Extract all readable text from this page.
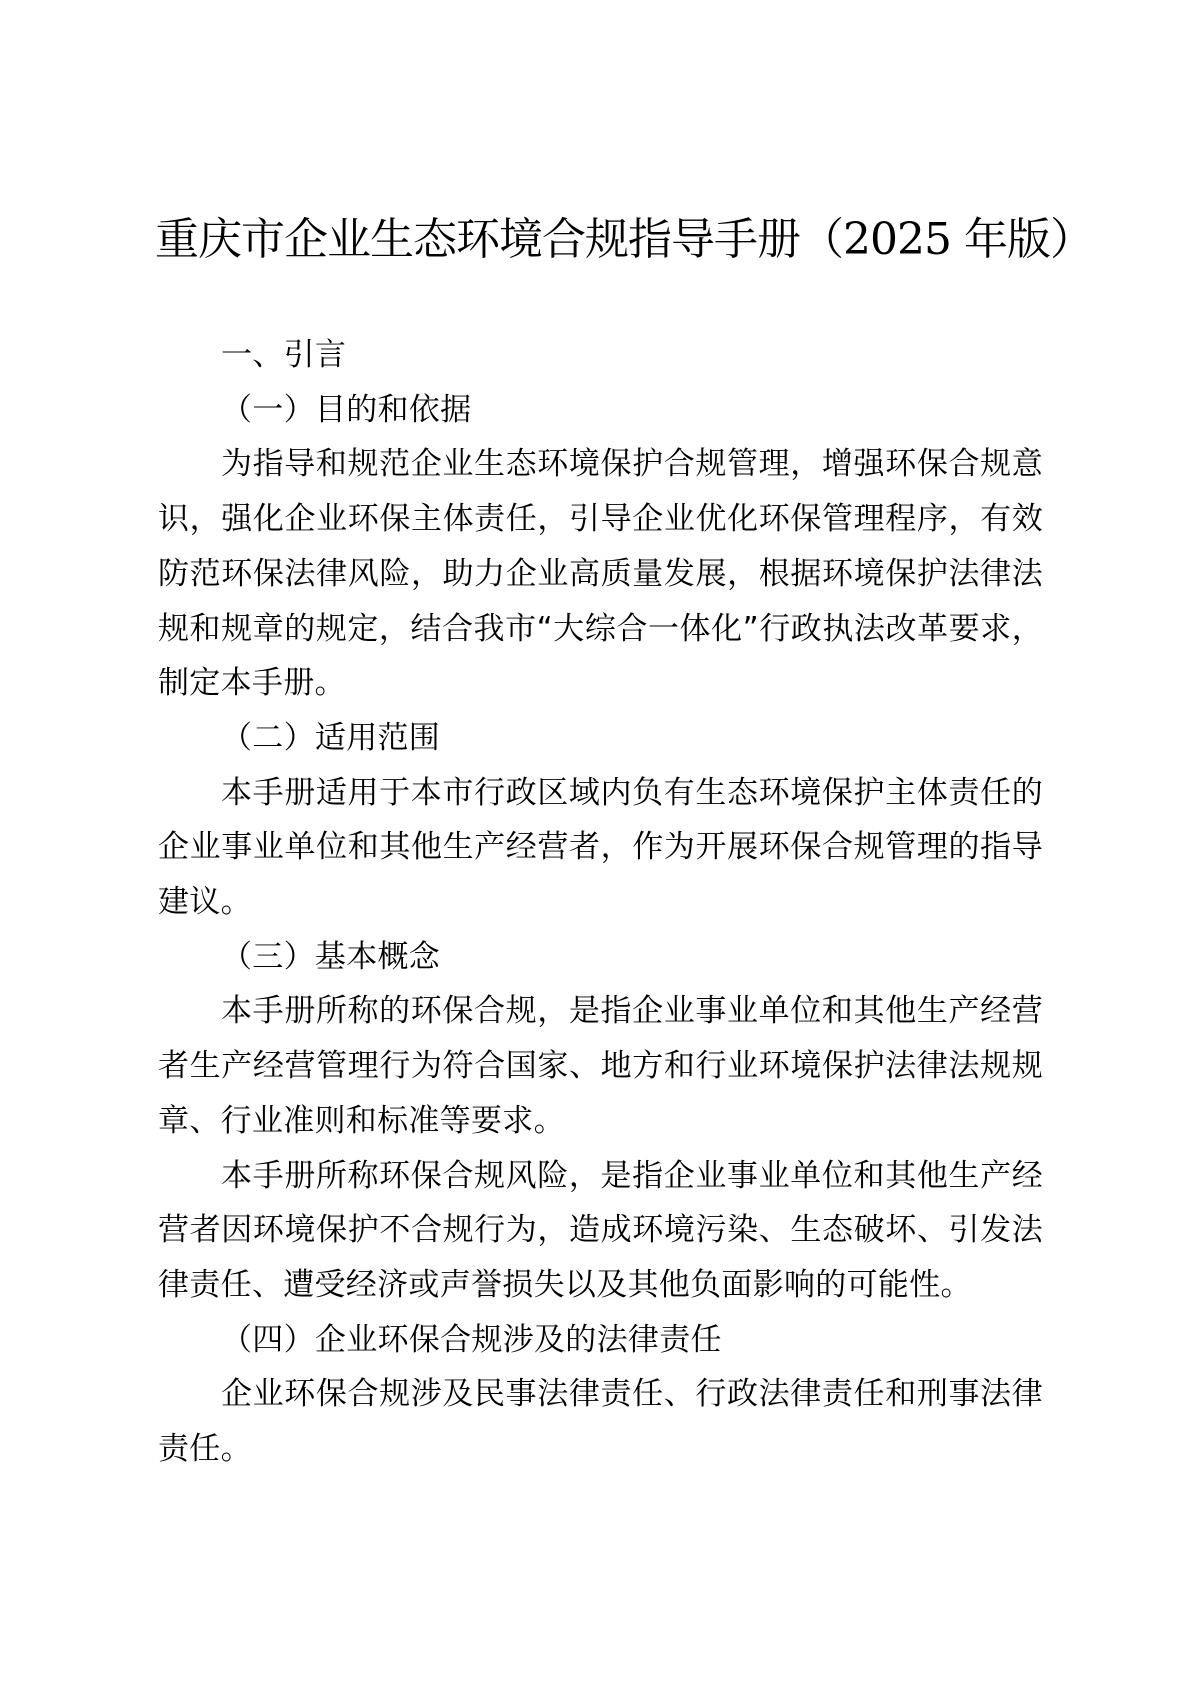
重庆市企业生态环境合规指导手册（2025 年版）

一、引言

（一）目的和依据

为指导和规范企业生态环境保护合规管理，增强环保合规意识，强化企业环保主体责任，引导企业优化环保管理程序，有效防范环保法律风险，助力企业高质量发展，根据环境保护法律法规和规章的规定，结合我市“大综合一体化”行政执法改革要求，制定本手册。

（二）适用范围

本手册适用于本市行政区域内负有生态环境保护主体责任的企业事业单位和其他生产经营者，作为开展环保合规管理的指导建议。

（三）基本概念

本手册所称的环保合规，是指企业事业单位和其他生产经营者生产经营管理行为符合国家、地方和行业环境保护法律法规规章、行业准则和标准等要求。

本手册所称环保合规风险，是指企业事业单位和其他生产经营者因环境保护不合规行为，造成环境污染、生态破坏、引发法律责任、遭受经济或声誉损失以及其他负面影响的可能性。

（四）企业环保合规涉及的法律责任

企业环保合规涉及民事法律责任、行政法律责任和刑事法律责任。
